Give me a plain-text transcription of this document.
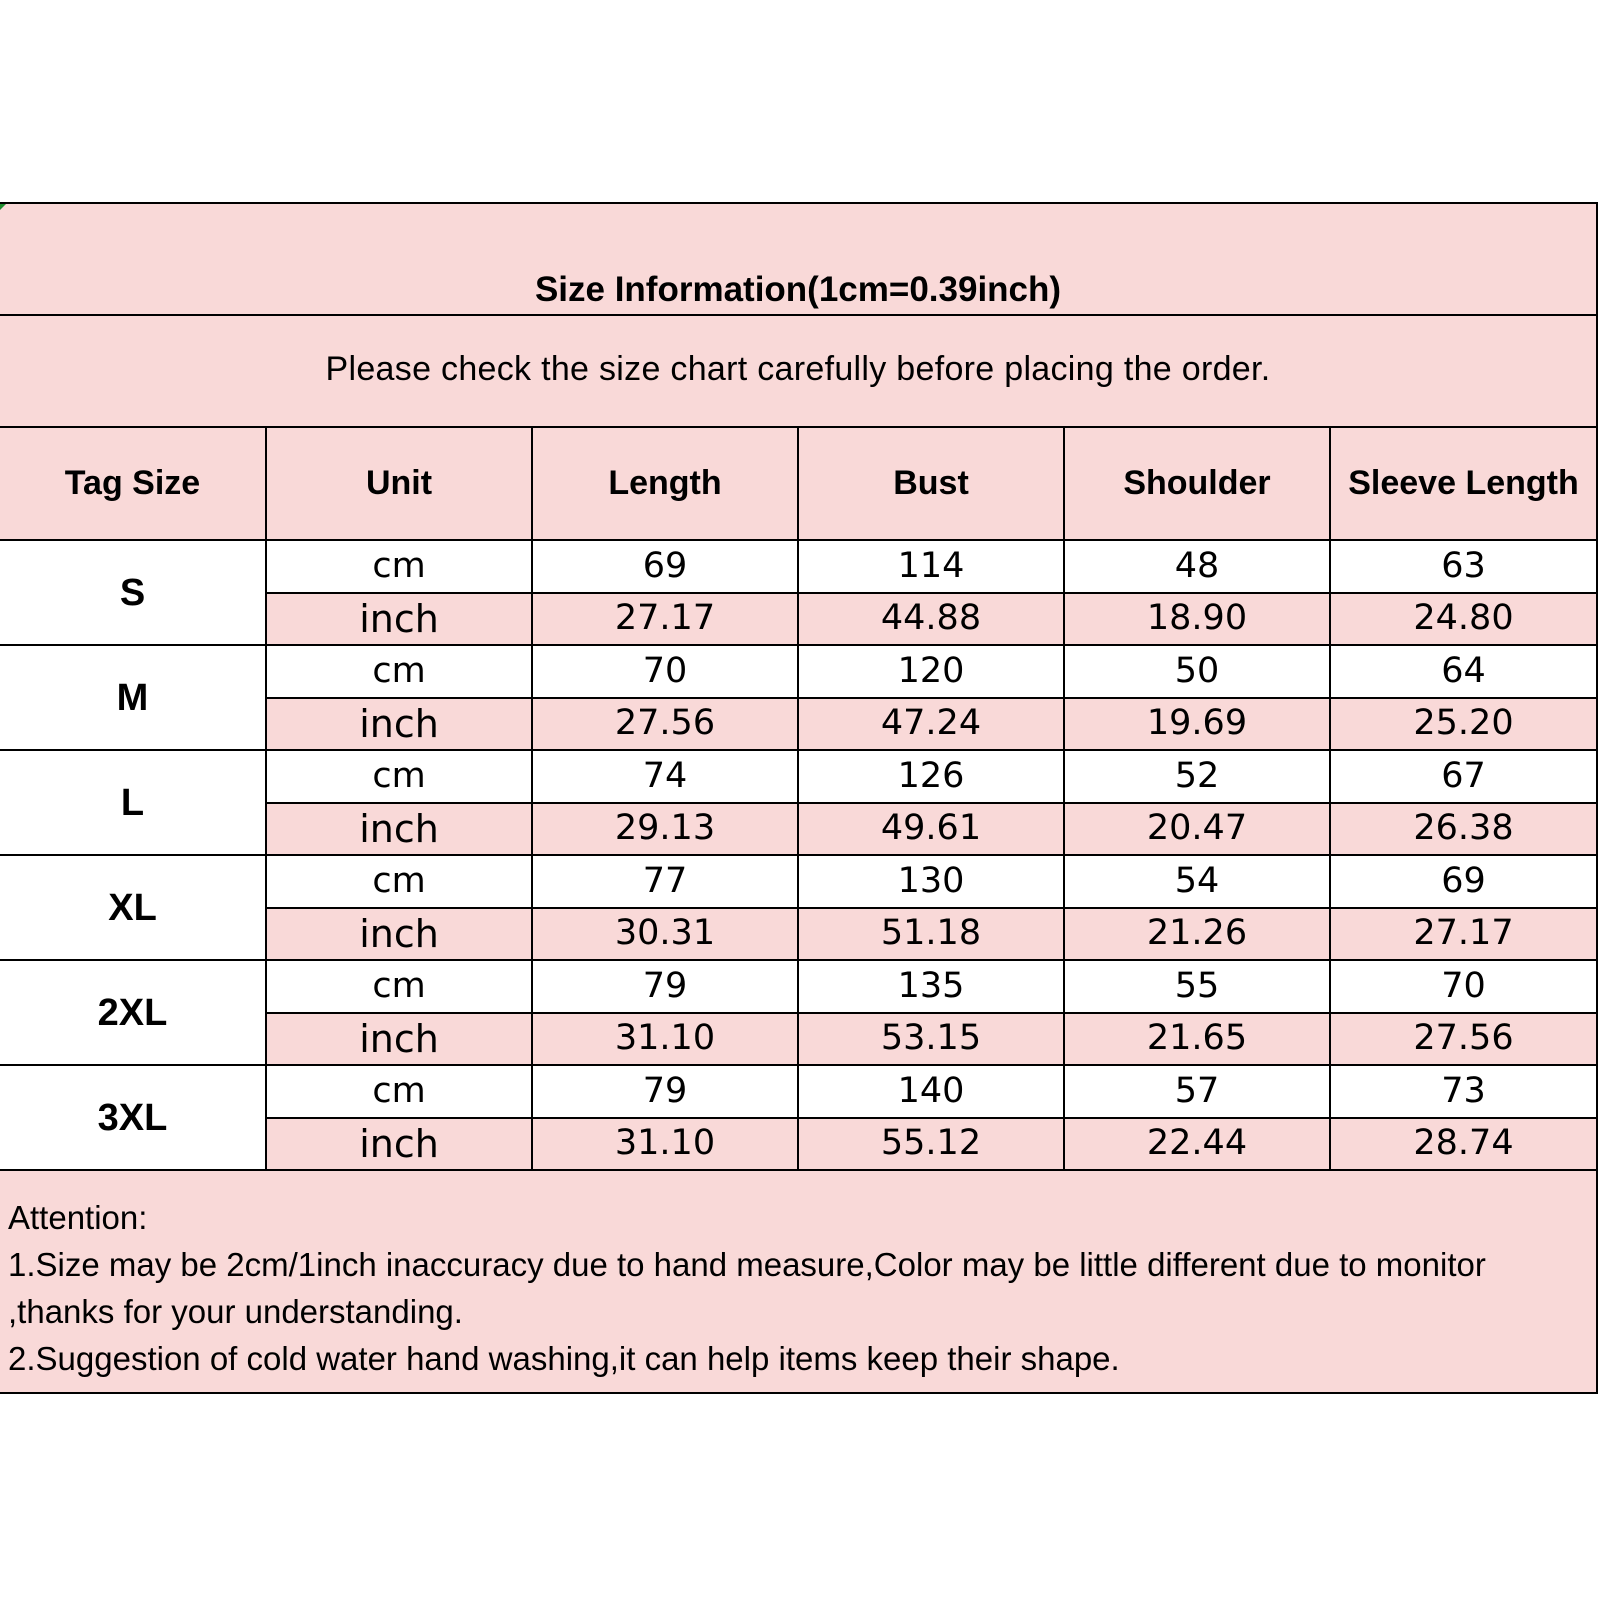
Size Information(1cm=0.39inch)
Please check the size chart carefully before placing the order.
Tag Size	Unit	Length	Bust	Shoulder	Sleeve Length
S	cm	69	114	48	63
	inch	27.17	44.88	18.90	24.80
M	cm	70	120	50	64
	inch	27.56	47.24	19.69	25.20
L	cm	74	126	52	67
	inch	29.13	49.61	20.47	26.38
XL	cm	77	130	54	69
	inch	30.31	51.18	21.26	27.17
2XL	cm	79	135	55	70
	inch	31.10	53.15	21.65	27.56
3XL	cm	79	140	57	73
	inch	31.10	55.12	22.44	28.74

Attention:

1.Size may be 2cm/1inch inaccuracy due to hand measure,Color may be little different due to monitor ,thanks for your understanding.

2.Suggestion of cold water hand washing,it can help items keep their shape.
